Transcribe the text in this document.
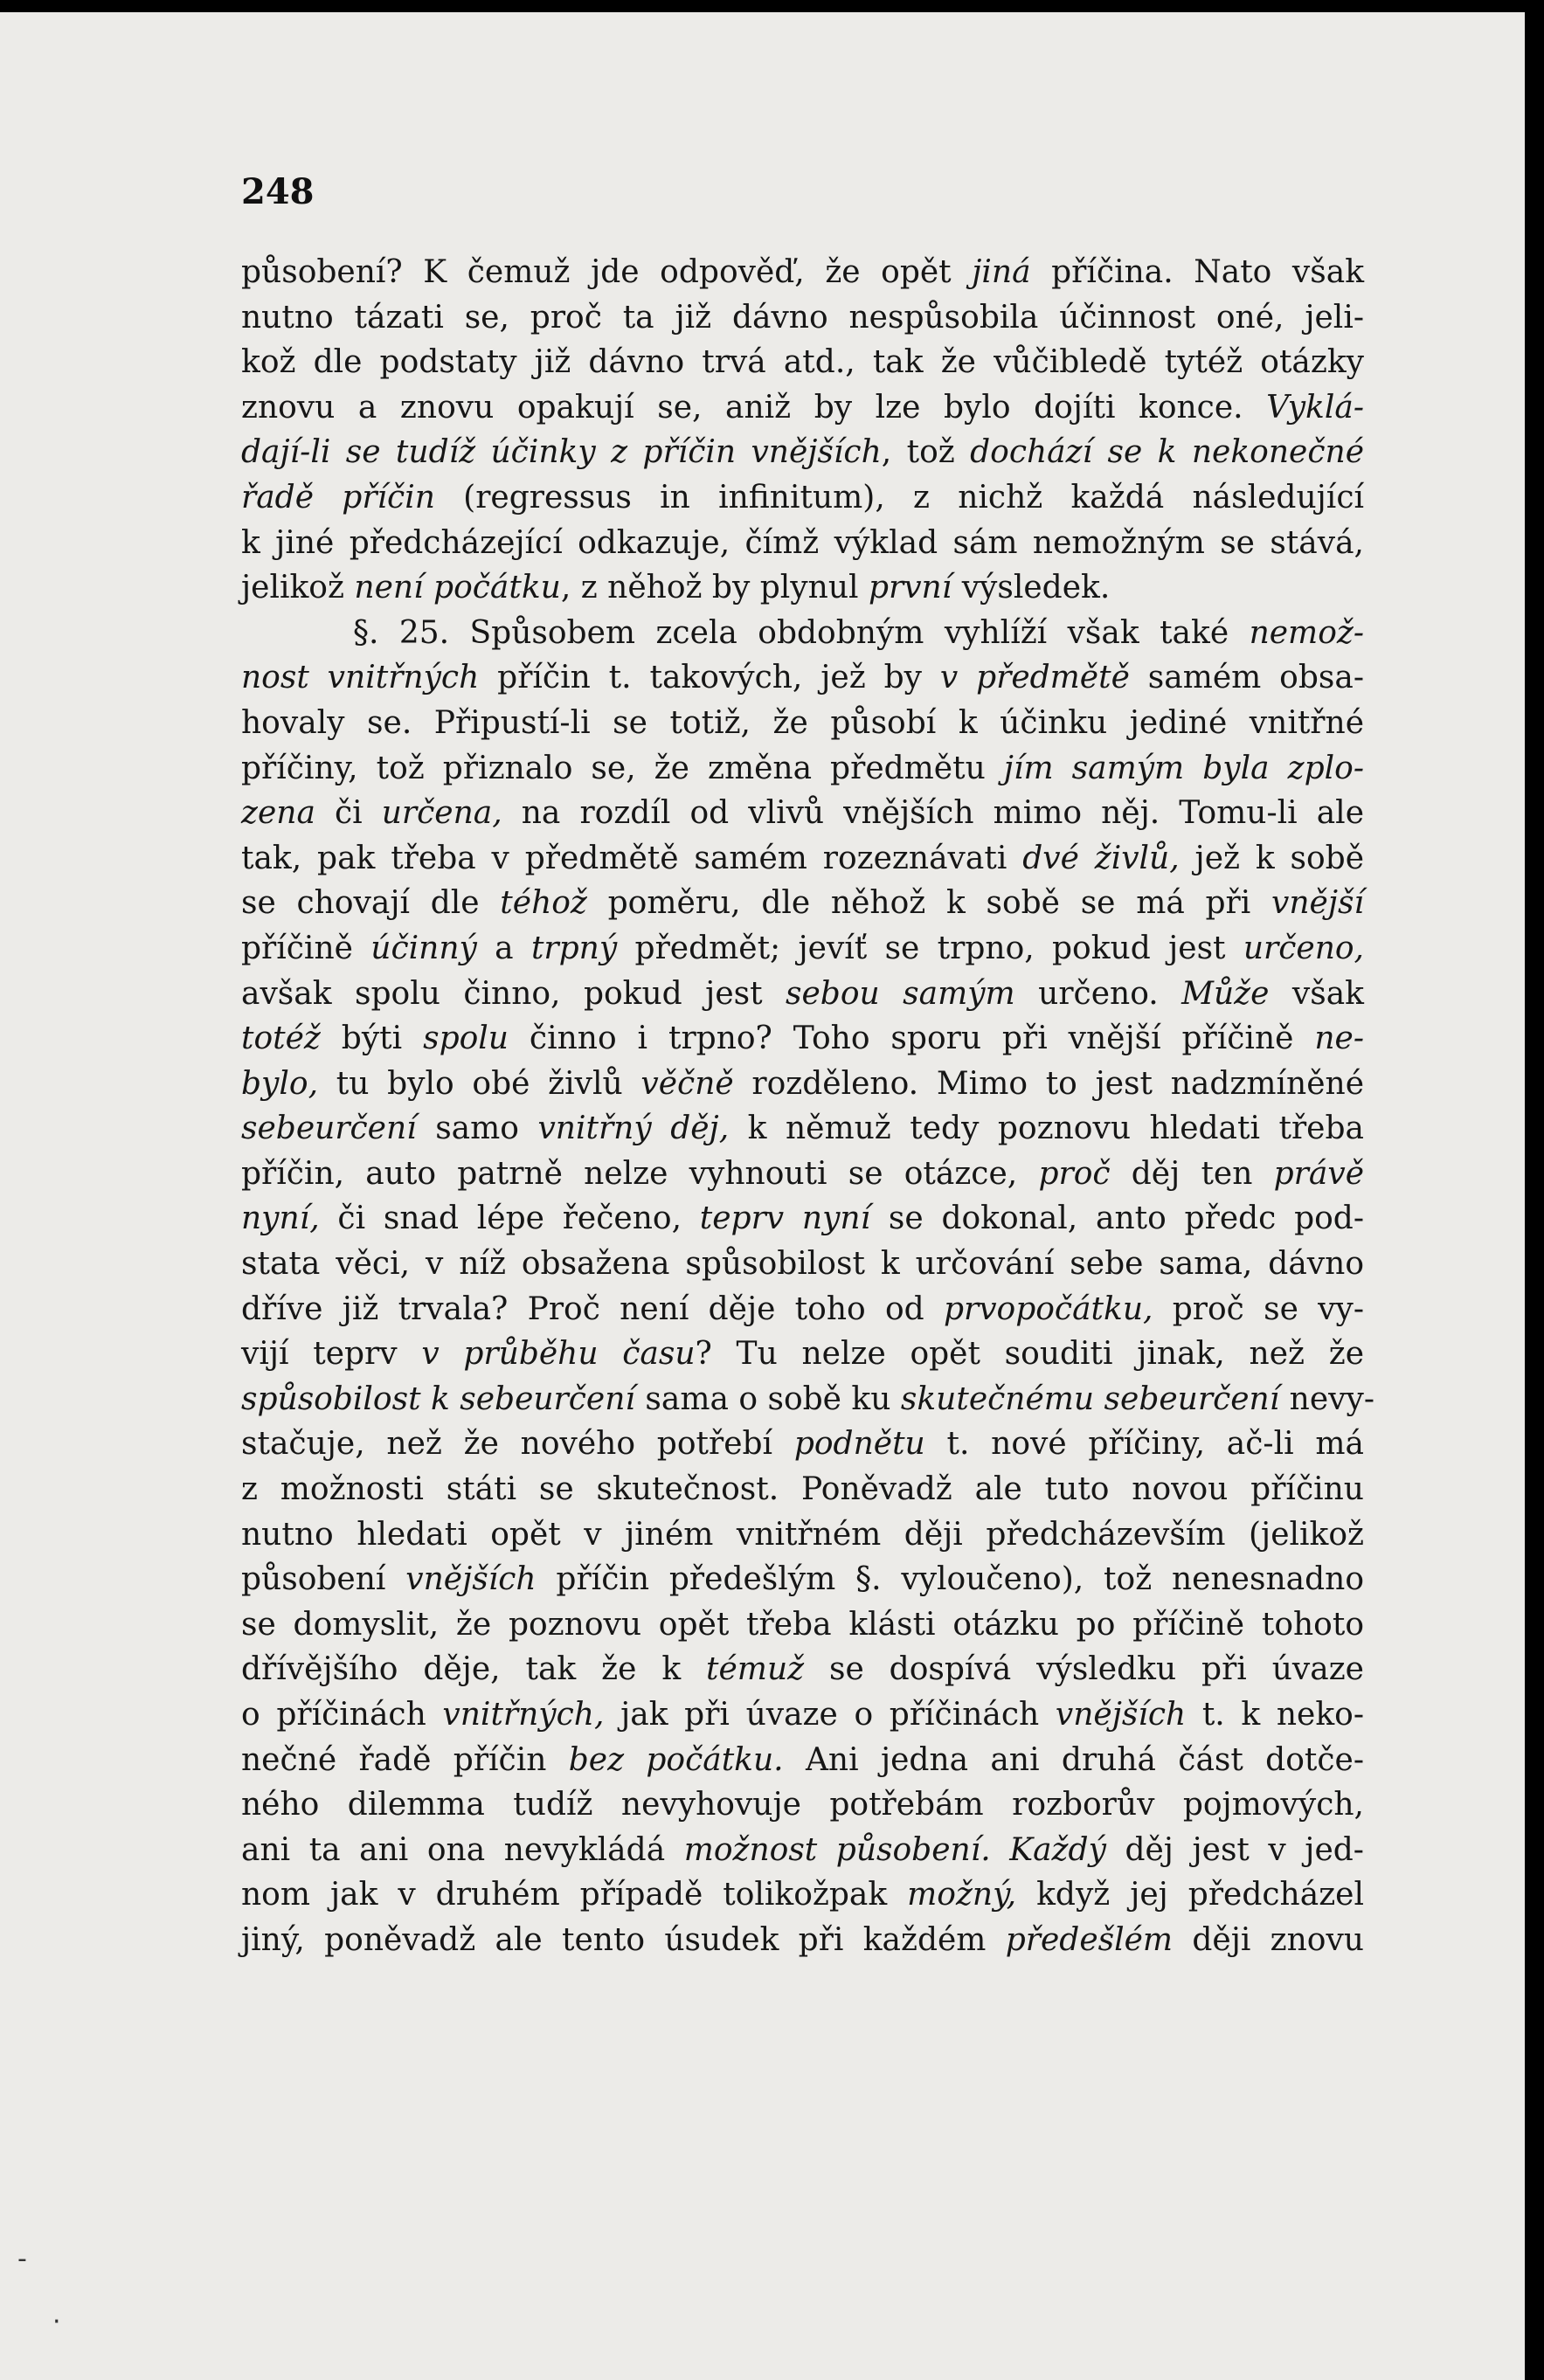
248
působení? K čemuž jde odpověď, že opět jiná příčina. Nato však
nutno tázati se, proč ta již dávno nespůsobila účinnost oné, jeli-
kož dle podstaty již dávno trvá atd., tak že vůčibledě tytéž otázky
znovu a znovu opakují se, aniž by lze bylo dojíti konce. Vyklá-
dají-li se tudíž účinky z příčin vnějších, tož dochází se k nekonečné
řadě příčin (regressus in infinitum), z nichž každá následující
k jiné předcházející odkazuje, čímž výklad sám nemožným se stává,
jelikož není počátku, z něhož by plynul první výsledek.
§. 25. Spůsobem zcela obdobným vyhlíží však také nemož-
nost vnitřných příčin t. takových, jež by v předmětě samém obsa-
hovaly se. Připustí-li se totiž, že působí k účinku jediné vnitřné
příčiny, tož přiznalo se, že změna předmětu jím samým byla zplo-
zena či určena, na rozdíl od vlivů vnějších mimo něj. Tomu-li ale
tak, pak třeba v předmětě samém rozeznávati dvé živlů, jež k sobě
se chovají dle téhož poměru, dle něhož k sobě se má při vnější
příčině účinný a trpný předmět; jevíť se trpno, pokud jest určeno,
avšak spolu činno, pokud jest sebou samým určeno. Může však
totéž býti spolu činno i trpno? Toho sporu při vnější příčině ne-
bylo, tu bylo obé živlů věčně rozděleno. Mimo to jest nadzmíněné
sebeurčení samo vnitřný děj, k němuž tedy poznovu hledati třeba
příčin, auto patrně nelze vyhnouti se otázce, proč děj ten právě
nyní, či snad lépe řečeno, teprv nyní se dokonal, anto předc pod-
stata věci, v níž obsažena spůsobilost k určování sebe sama, dávno
dříve již trvala? Proč není děje toho od prvopočátku, proč se vy-
vijí teprv v průběhu času? Tu nelze opět souditi jinak, než že
spůsobilost k sebeurčení sama o sobě ku skutečnému sebeurčení nevy-
stačuje, než že nového potřebí podnětu t. nové příčiny, ač-li má
z možnosti státi se skutečnost. Poněvadž ale tuto novou příčinu
nutno hledati opět v jiném vnitřném ději předcházevším (jelikož
působení vnějších příčin předešlým §. vyloučeno), tož nenesnadno
se domyslit, že poznovu opět třeba klásti otázku po příčině tohoto
dřívějšího děje, tak že k témuž se dospívá výsledku při úvaze
o příčinách vnitřných, jak při úvaze o příčinách vnějších t. k neko-
nečné řadě příčin bez počátku. Ani jedna ani druhá část dotče-
ného dilemma tudíž nevyhovuje potřebám rozborův pojmových,
ani ta ani ona nevykládá možnost působení. Každý děj jest v jed-
nom jak v druhém případě tolikožpak možný, když jej předcházel
jiný, poněvadž ale tento úsudek při každém předešlém ději znovu
-
·
